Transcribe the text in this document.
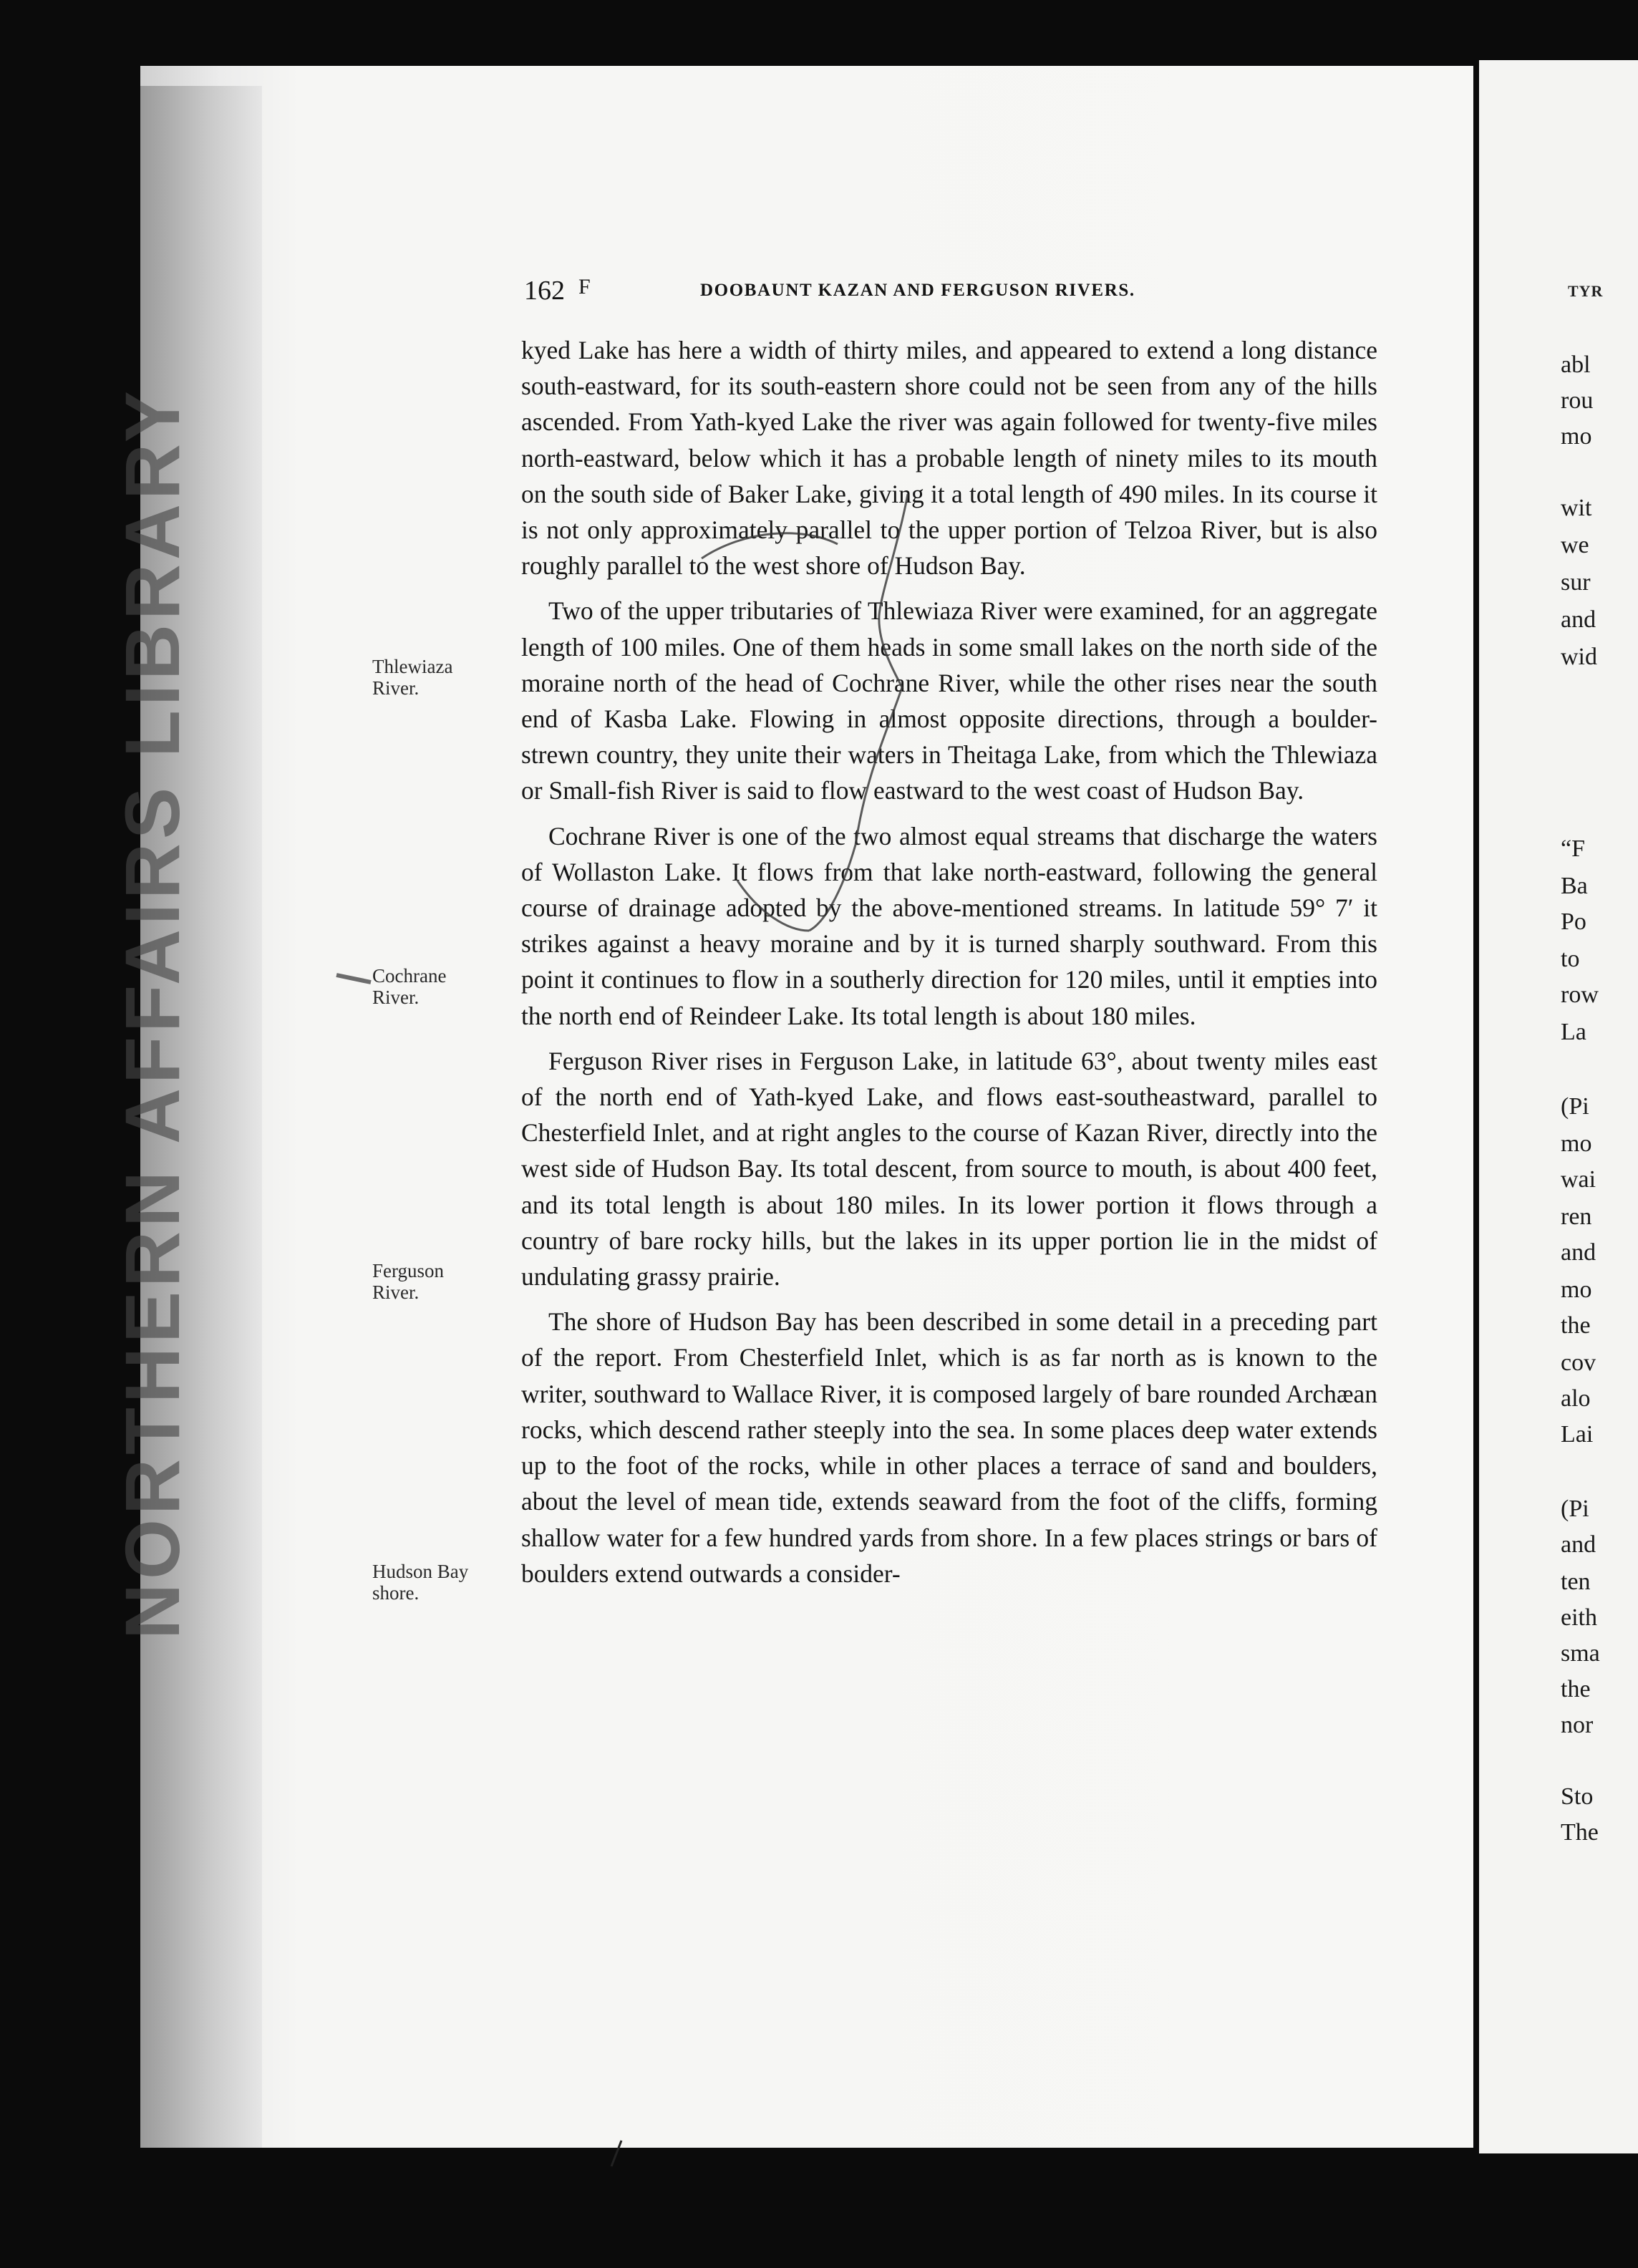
NORTHERN AFFAIRS LIBRARY
TYR
abl
rou
mo
wit
we
sur
and
wid
“F
Ba
Po
to
row
La
(Pi
mo
wai
ren
and
mo
the
cov
alo
Lai
(Pi
and
ten
eith
sma
the
nor
Sto
The
162 F	DOOBAUNT KAZAN AND FERGUSON RIVERS.

kyed Lake has here a width of thirty miles, and appeared to extend a long distance south-eastward, for its south-eastern shore could not be seen from any of the hills ascended. From Yath-kyed Lake the river was again followed for twenty-five miles north-eastward, below which it has a probable length of ninety miles to its mouth on the south side of Baker Lake, giving it a total length of 490 miles. In its course it is not only approximately parallel to the upper portion of Telzoa River, but is also roughly parallel to the west shore of Hudson Bay.

Two of the upper tributaries of Thlewiaza River were examined, for an aggregate length of 100 miles. One of them heads in some small lakes on the north side of the moraine north of the head of Cochrane River, while the other rises near the south end of Kasba Lake. Flowing in almost opposite directions, through a boulder-strewn country, they unite their waters in Theitaga Lake, from which the Thlewiaza or Small-fish River is said to flow eastward to the west coast of Hudson Bay.

Cochrane River is one of the two almost equal streams that discharge the waters of Wollaston Lake. It flows from that lake north-eastward, following the general course of drainage adopted by the above-mentioned streams. In latitude 59° 7′ it strikes against a heavy moraine and by it is turned sharply southward. From this point it continues to flow in a southerly direction for 120 miles, until it empties into the north end of Reindeer Lake. Its total length is about 180 miles.

Ferguson River rises in Ferguson Lake, in latitude 63°, about twenty miles east of the north end of Yath-kyed Lake, and flows east-southeastward, parallel to Chesterfield Inlet, and at right angles to the course of Kazan River, directly into the west side of Hudson Bay. Its total descent, from source to mouth, is about 400 feet, and its total length is about 180 miles. In its lower portion it flows through a country of bare rocky hills, but the lakes in its upper portion lie in the midst of undulating grassy prairie.

The shore of Hudson Bay has been described in some detail in a preceding part of the report. From Chesterfield Inlet, which is as far north as is known to the writer, southward to Wallace River, it is composed largely of bare rounded Archæan rocks, which descend rather steeply into the sea. In some places deep water extends up to the foot of the rocks, while in other places a terrace of sand and boulders, about the level of mean tide, extends seaward from the foot of the cliffs, forming shallow water for a few hundred yards from shore. In a few places strings or bars of boulders extend outwards a consider-

Thlewiaza
River.
Cochrane
River.
Ferguson
River.
Hudson Bay
shore.
